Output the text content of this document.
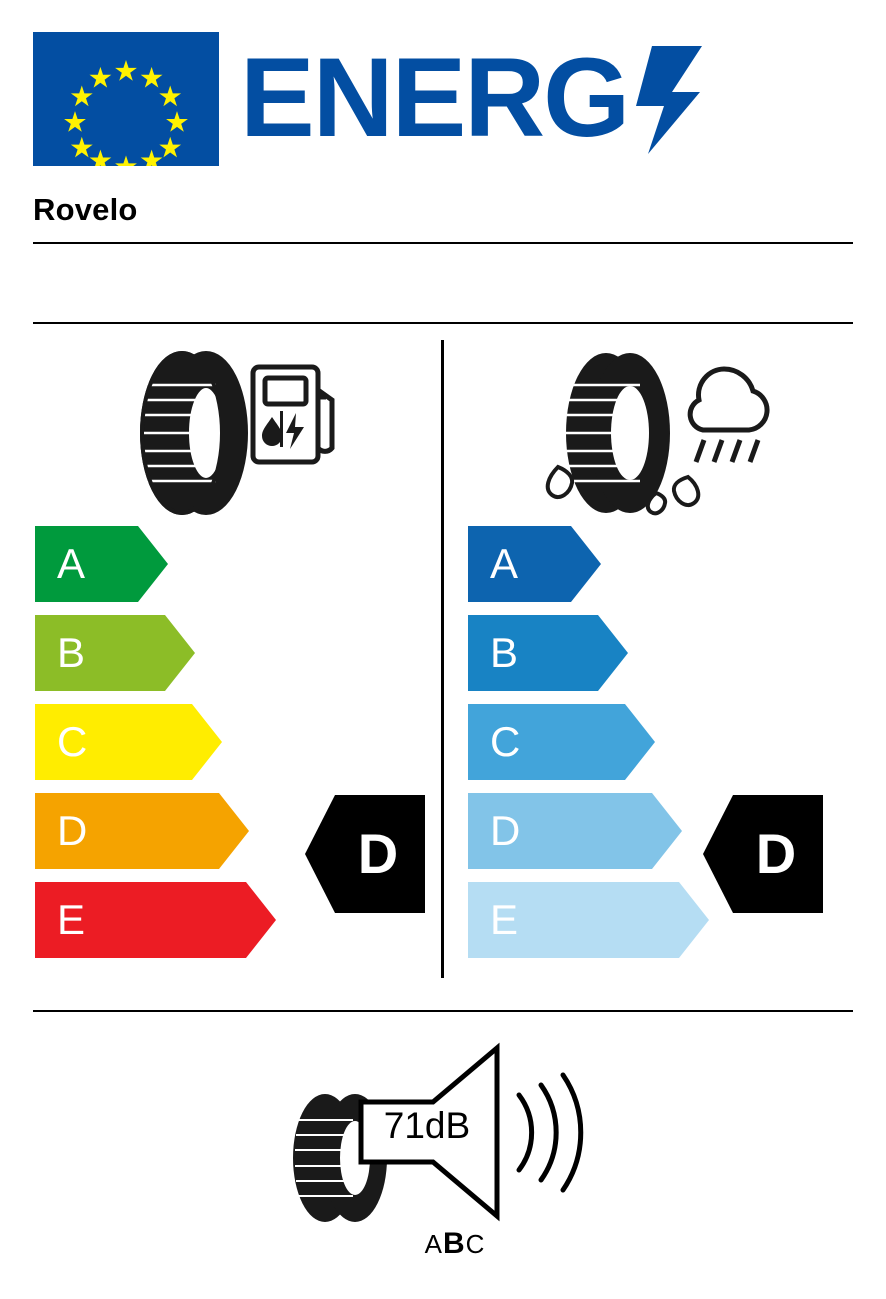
ENERG
Rovelo
A
B
C
D
E
A
B
C
D
E
D	D
71dB
ABC
